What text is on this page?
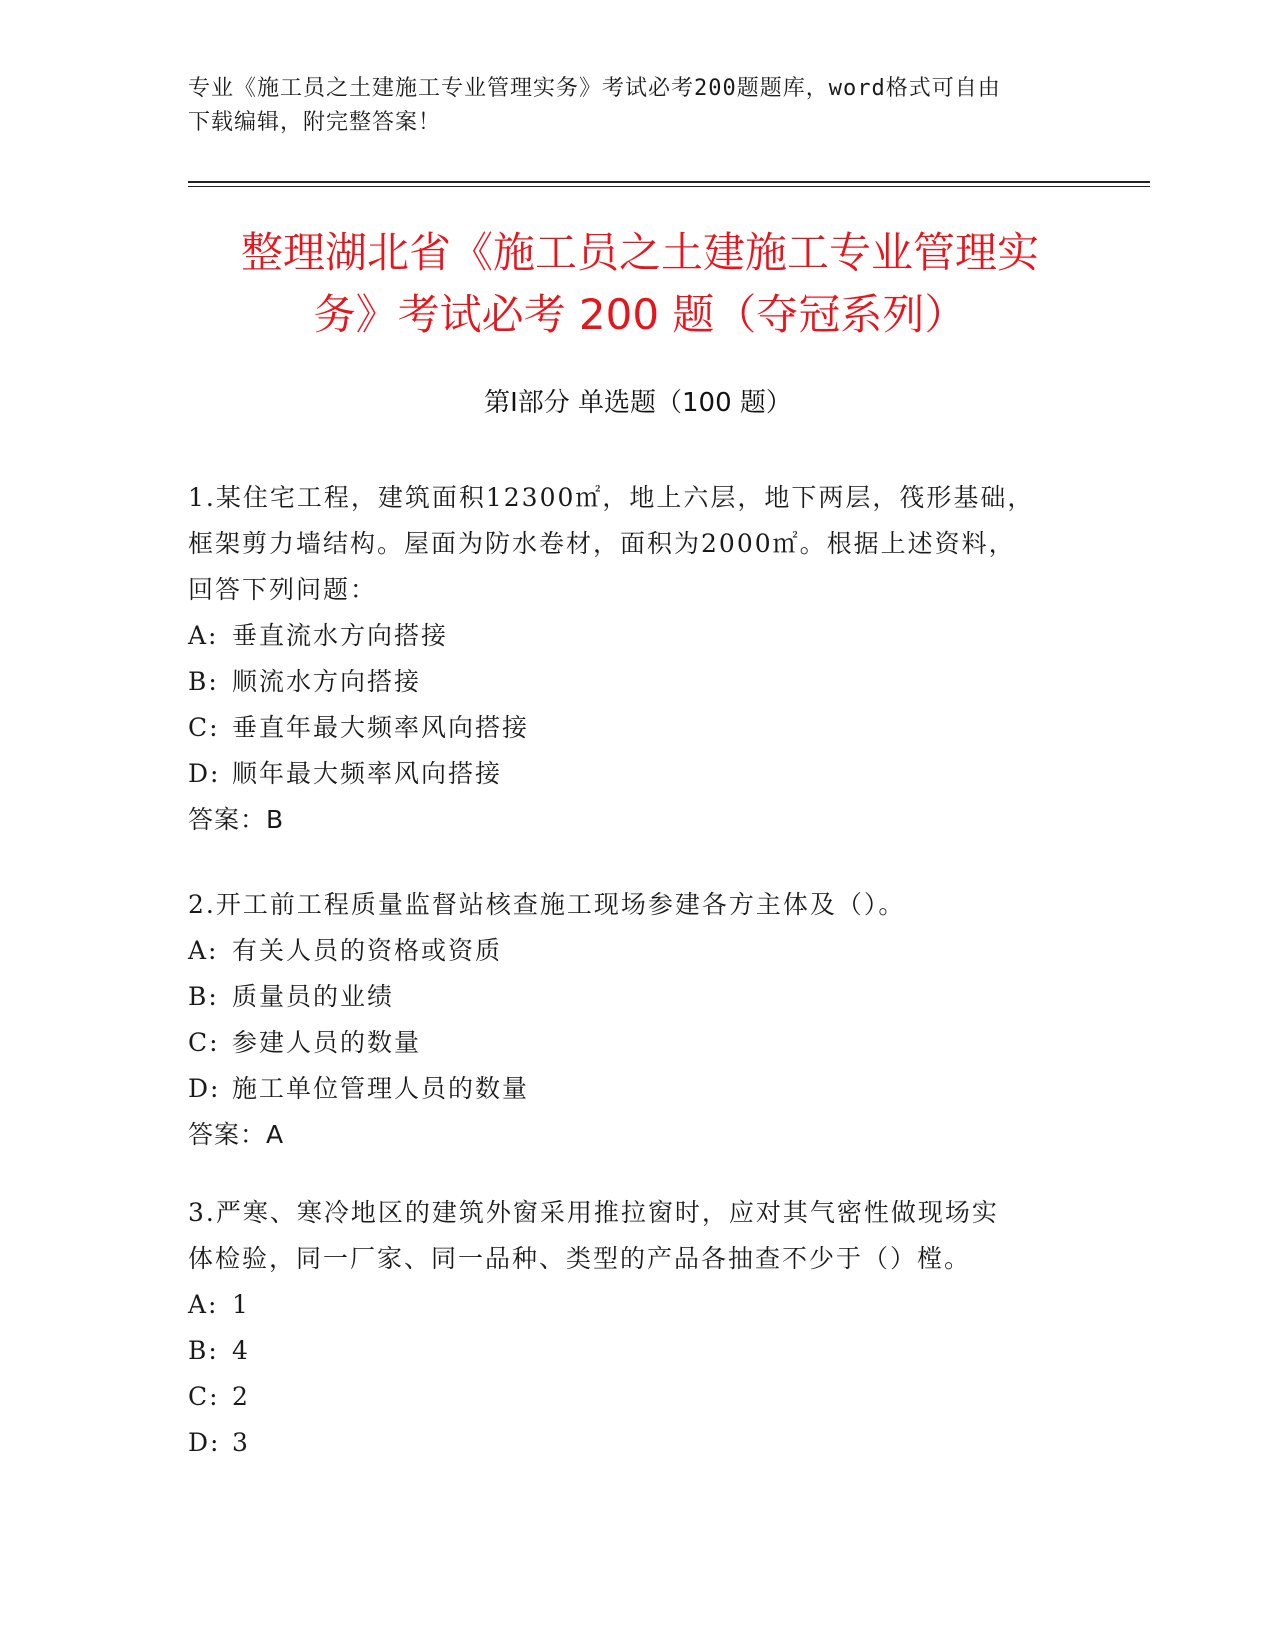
专业《施工员之土建施工专业管理实务》考试必考200题题库，word格式可自由
下载编辑，附完整答案！
整理湖北省《施工员之土建施工专业管理实
务》考试必考 200 题（夺冠系列）
第Ⅰ部分 单选题（100 题）
1.某住宅工程，建筑面积12300㎡，地上六层，地下两层，筏形基础，
框架剪力墙结构。屋面为防水卷材，面积为2000㎡。根据上述资料，
回答下列问题：
A: 垂直流水方向搭接
B: 顺流水方向搭接
C: 垂直年最大频率风向搭接
D: 顺年最大频率风向搭接
答案：B
2.开工前工程质量监督站核查施工现场参建各方主体及（）。
A: 有关人员的资格或资质
B: 质量员的业绩
C: 参建人员的数量
D: 施工单位管理人员的数量
答案：A
3.严寒、寒冷地区的建筑外窗采用推拉窗时，应对其气密性做现场实
体检验，同一厂家、同一品种、类型的产品各抽查不少于（）樘。
A: 1
B: 4
C: 2
D: 3
